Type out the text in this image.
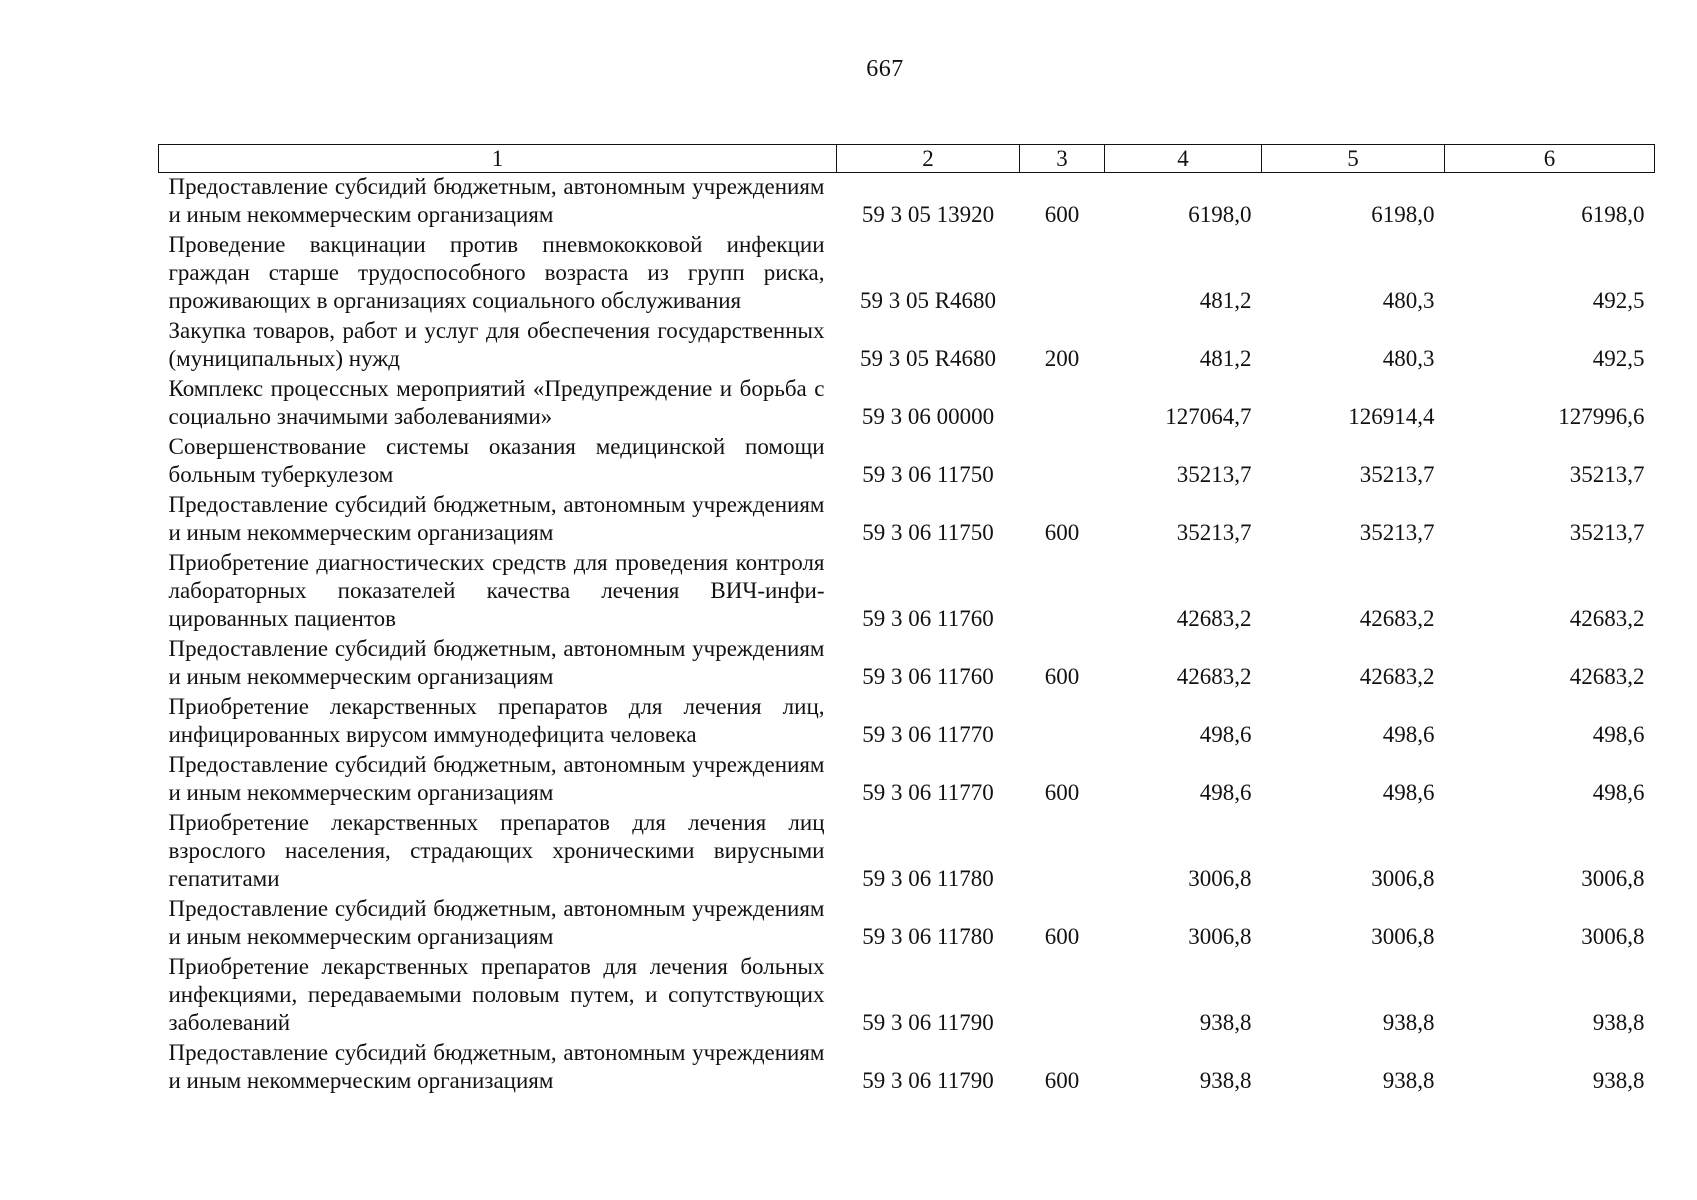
667
1	2	3	4	5	6
Предоставление субсидий бюджетным, автономным учреждениям и иным некоммерческим организациям	59 3 05 13920	600	6198,0	6198,0	6198,0
Проведение вакцинации против пневмококковой инфекции граждан старше трудоспособного возраста из групп риска, проживающих в организациях социального обслуживания	59 3 05 R4680		481,2	480,3	492,5
Закупка товаров, работ и услуг для обеспечения государственных (муниципальных) нужд	59 3 05 R4680	200	481,2	480,3	492,5
Комплекс процессных мероприятий «Предупреждение и борьба с социально значимыми заболеваниями»	59 3 06 00000		127064,7	126914,4	127996,6
Совершенствование системы оказания медицинской помощи больным туберкулезом	59 3 06 11750		35213,7	35213,7	35213,7
Предоставление субсидий бюджетным, автономным учреждениям и иным некоммерческим организациям	59 3 06 11750	600	35213,7	35213,7	35213,7
Приобретение диагностических средств для проведения контроля лабораторных показателей качества лечения ВИЧ-инфицированных пациентов	59 3 06 11760		42683,2	42683,2	42683,2
Предоставление субсидий бюджетным, автономным учреждениям и иным некоммерческим организациям	59 3 06 11760	600	42683,2	42683,2	42683,2
Приобретение лекарственных препаратов для лечения лиц, инфицированных вирусом иммунодефицита человека	59 3 06 11770		498,6	498,6	498,6
Предоставление субсидий бюджетным, автономным учреждениям и иным некоммерческим организациям	59 3 06 11770	600	498,6	498,6	498,6
Приобретение лекарственных препаратов для лечения лиц взрослого населения, страдающих хроническими вирусными гепатитами	59 3 06 11780		3006,8	3006,8	3006,8
Предоставление субсидий бюджетным, автономным учреждениям и иным некоммерческим организациям	59 3 06 11780	600	3006,8	3006,8	3006,8
Приобретение лекарственных препаратов для лечения больных инфекциями, передаваемыми половым путем, и сопутствующих заболеваний	59 3 06 11790		938,8	938,8	938,8
Предоставление субсидий бюджетным, автономным учреждениям и иным некоммерческим организациям	59 3 06 11790	600	938,8	938,8	938,8
